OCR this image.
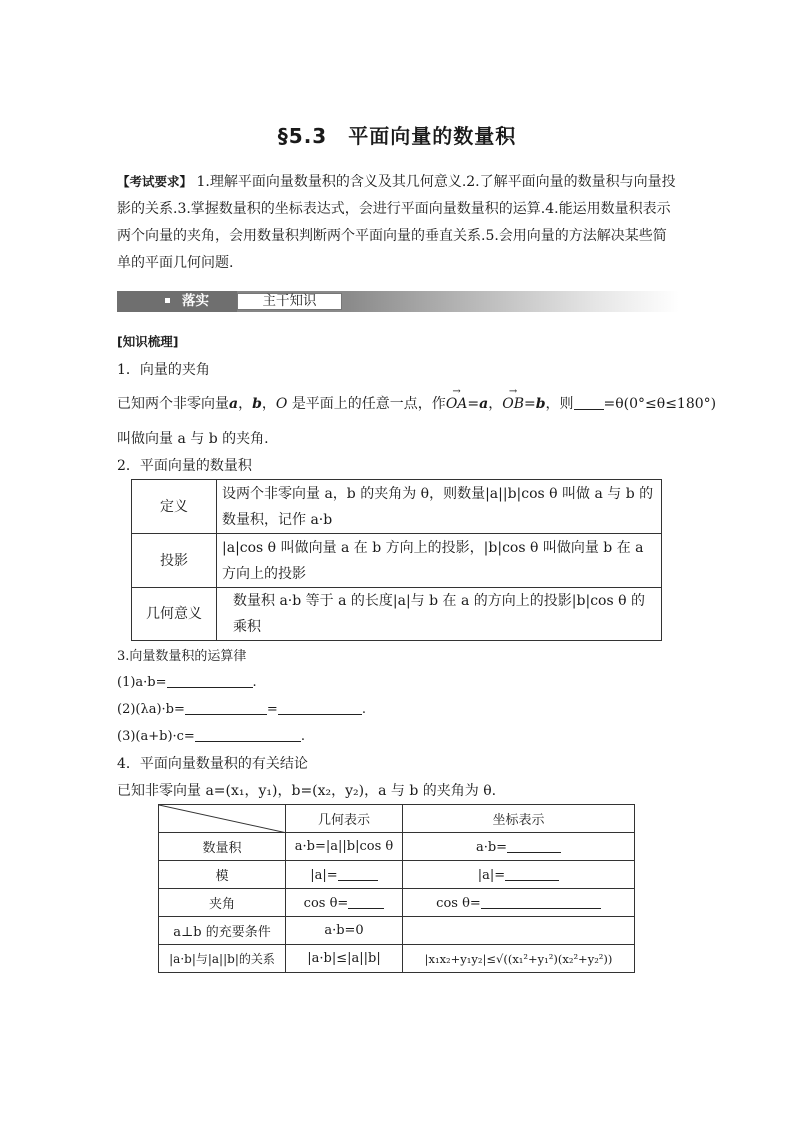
§5.3　平面向量的数量积
【考试要求】 1.理解平面向量数量积的含义及其几何意义.2.了解平面向量的数量积与向量投影的关系.3.掌握数量积的坐标表达式，会进行平面向量数量积的运算.4.能运用数量积表示两个向量的夹角，会用数量积判断两个平面向量的垂直关系.5.会用向量的方法解决某些简单的平面几何问题.
落实	主干知识
[知识梳理]
1．向量的夹角
已知两个非零向量a，b，O 是平面上的任意一点，作
→
OA=a，
→
OB=b，则 =θ(0°≤θ≤180°)
叫做向量 a 与 b 的夹角.
2．平面向量的数量积
定义	设两个非零向量 a，b 的夹角为 θ，则数量|a||b|cos θ 叫做 a 与 b 的数量积，记作 a·b
投影	|a|cos θ 叫做向量 a 在 b 方向上的投影，|b|cos θ 叫做向量 b 在 a 方向上的投影
几何意义	数量积 a·b 等于 a 的长度|a|与 b 在 a 的方向上的投影|b|cos θ 的乘积
3.向量数量积的运算律
(1)a·b=	.
(2)(λa)·b=	=	.
(3)(a+b)·c=	.
4．平面向量数量积的有关结论
已知非零向量 a=(x₁，y₁)，b=(x₂，y₂)，a 与 b 的夹角为 θ.
	几何表示	坐标表示
数量积	a·b=|a||b|cos θ	a·b=
模	|a|=	|a|=
夹角	cos θ=	cos θ=
a⊥b 的充要条件	a·b=0	
|a·b|与|a||b|的关系	|a·b|≤|a||b|	|x₁x₂+y₁y₂|≤√((x₁²+y₁²)(x₂²+y₂²))
